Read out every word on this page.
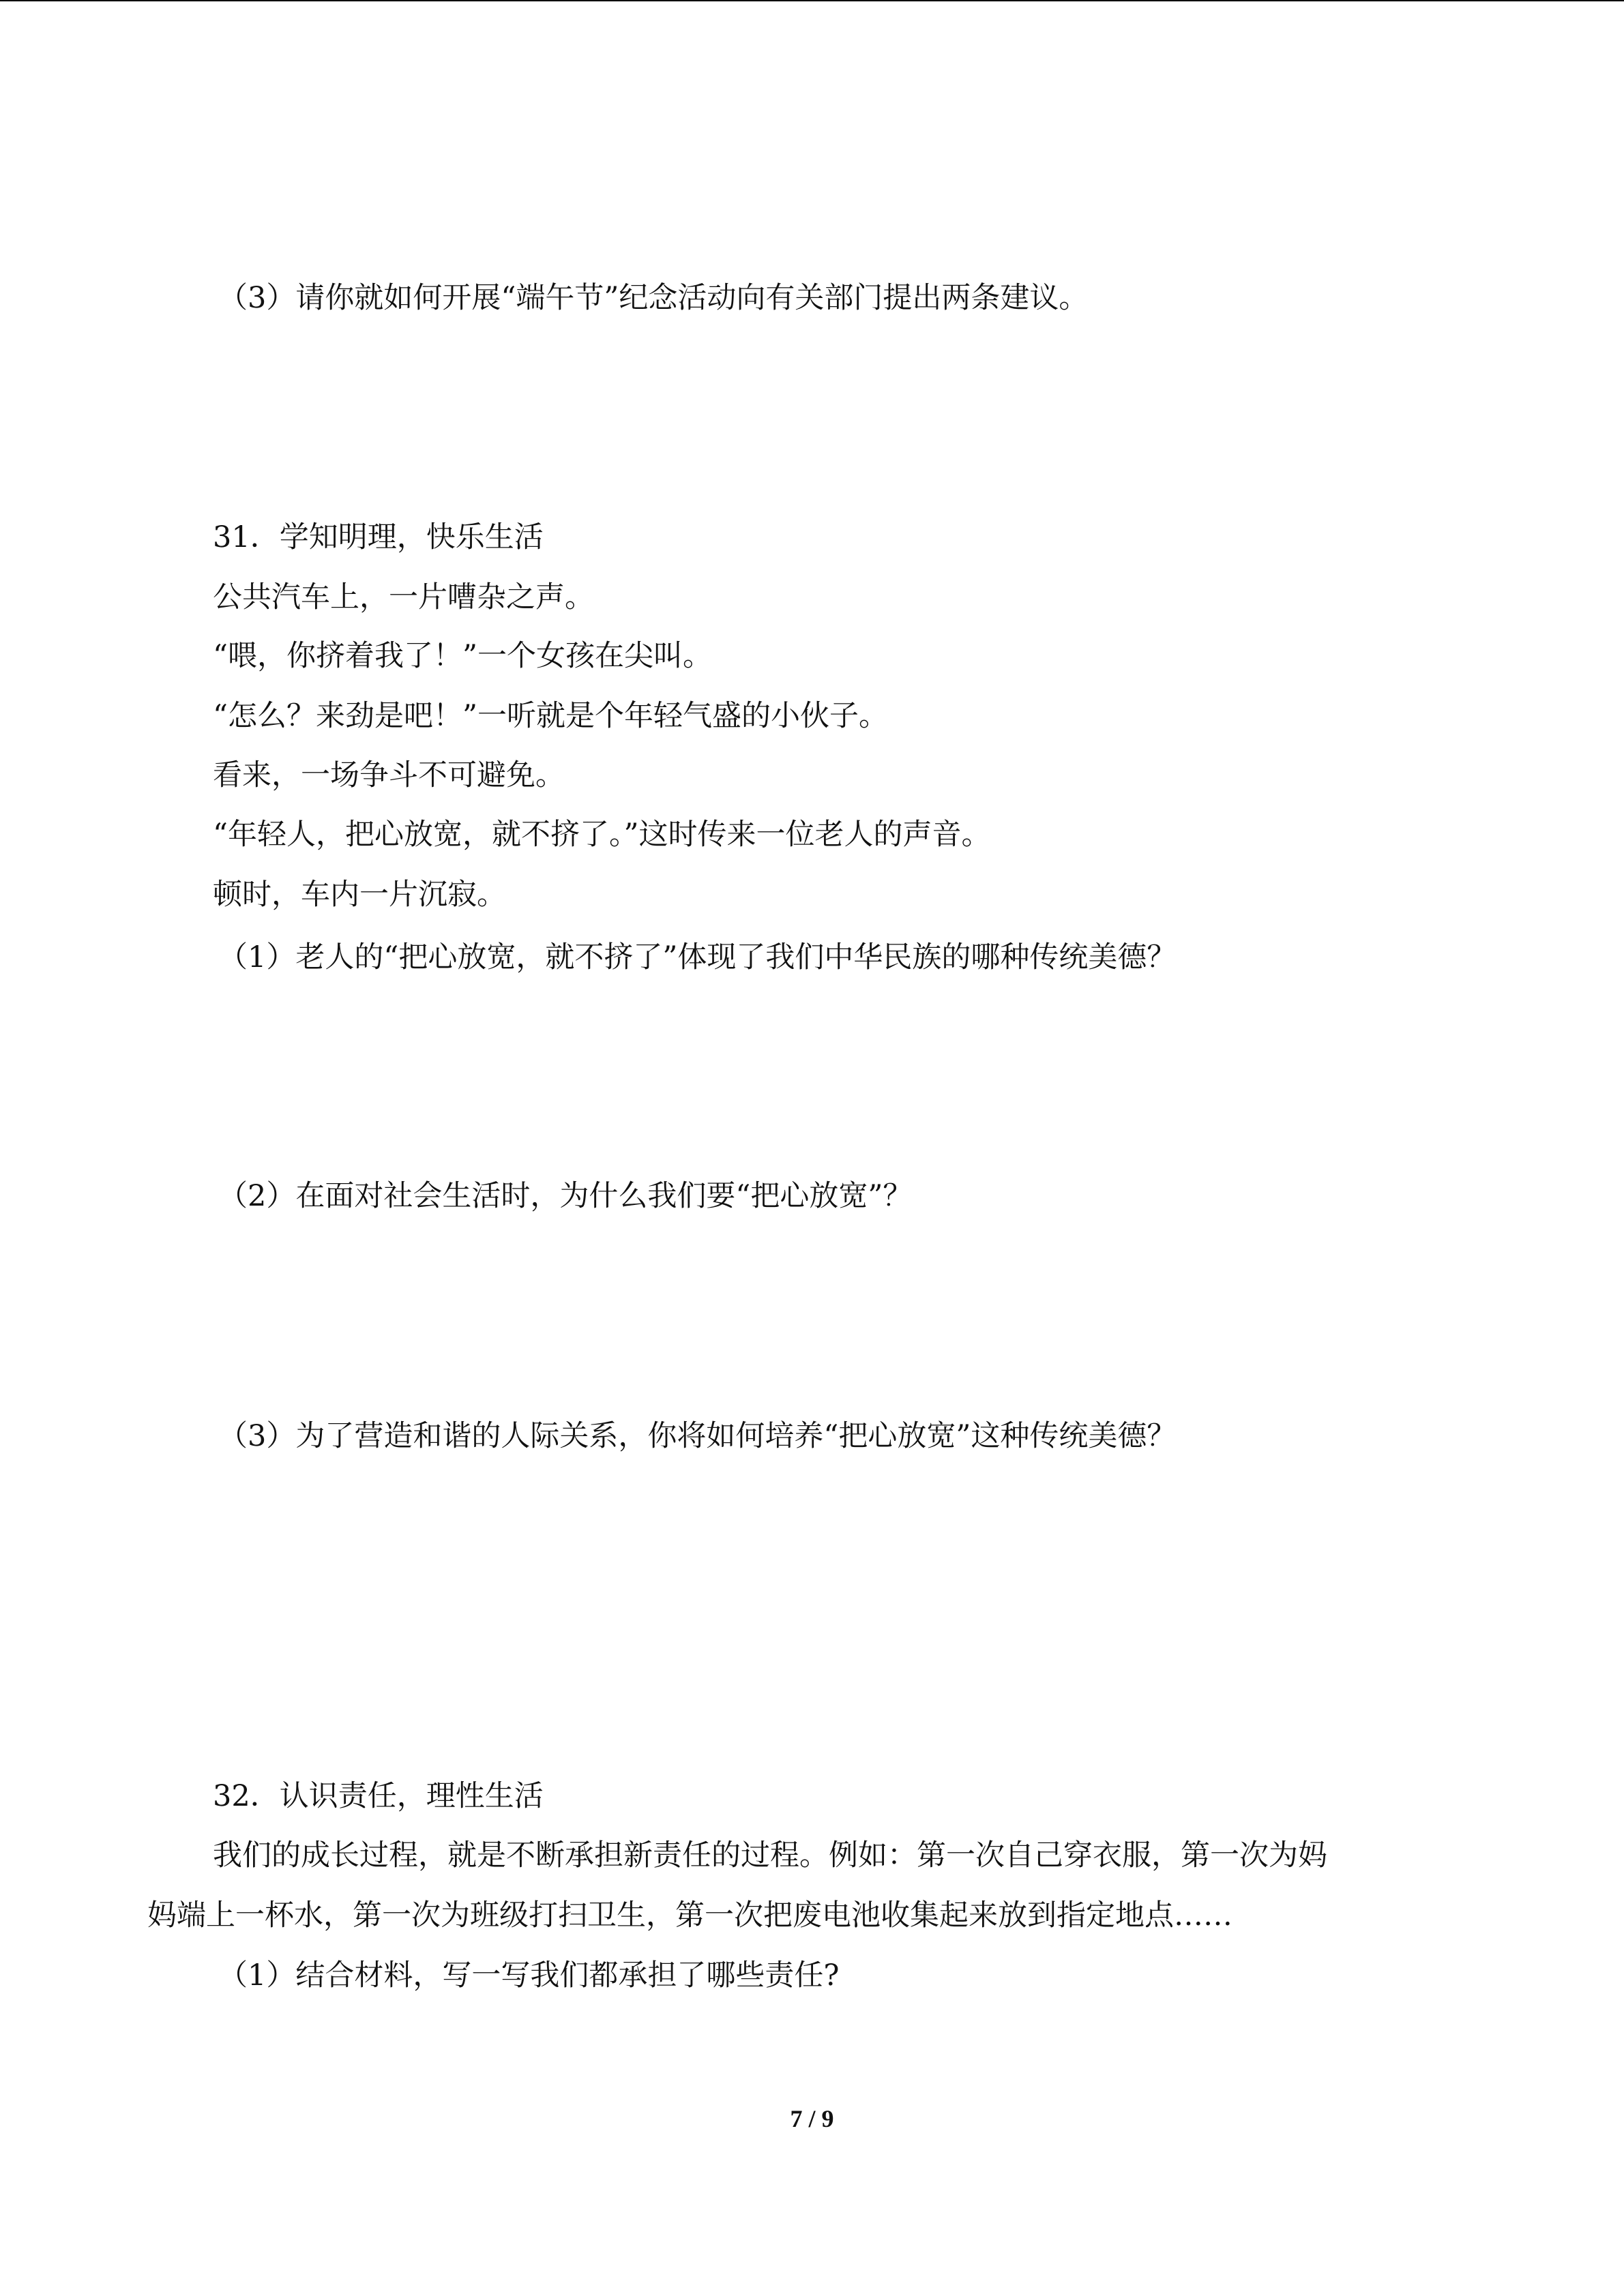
（3）请你就如何开展“端午节”纪念活动向有关部门提出两条建议。

31．学知明理，快乐生活

公共汽车上，一片嘈杂之声。

“喂，你挤着我了！”一个女孩在尖叫。

“怎么？来劲是吧！”一听就是个年轻气盛的小伙子。

看来，一场争斗不可避免。

“年轻人，把心放宽，就不挤了。”这时传来一位老人的声音。

顿时，车内一片沉寂。

（1）老人的“把心放宽，就不挤了”体现了我们中华民族的哪种传统美德？

（2）在面对社会生活时，为什么我们要“把心放宽”？

（3）为了营造和谐的人际关系，你将如何培养“把心放宽”这种传统美德？

32．认识责任，理性生活

我们的成长过程，就是不断承担新责任的过程。例如：第一次自己穿衣服，第一次为妈

妈端上一杯水，第一次为班级打扫卫生，第一次把废电池收集起来放到指定地点……

（1）结合材料，写一写我们都承担了哪些责任?

7 / 9
